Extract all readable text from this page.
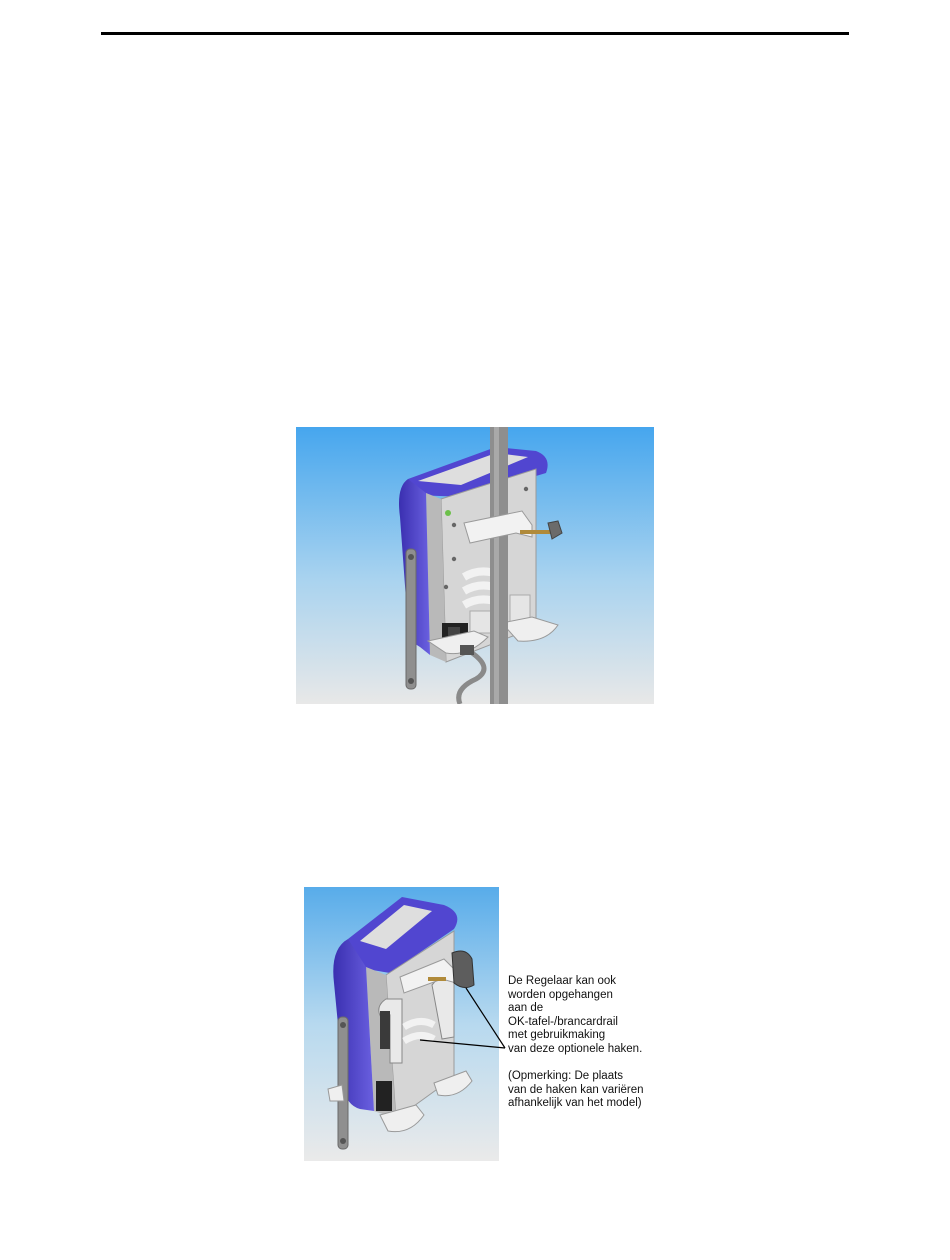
De Regelaar kan ook
worden opgehangen
aan de
OK-tafel-/brancardrail
met gebruikmaking
van deze optionele haken.
(Opmerking: De plaats
van de haken kan variëren
afhankelijk van het model)
